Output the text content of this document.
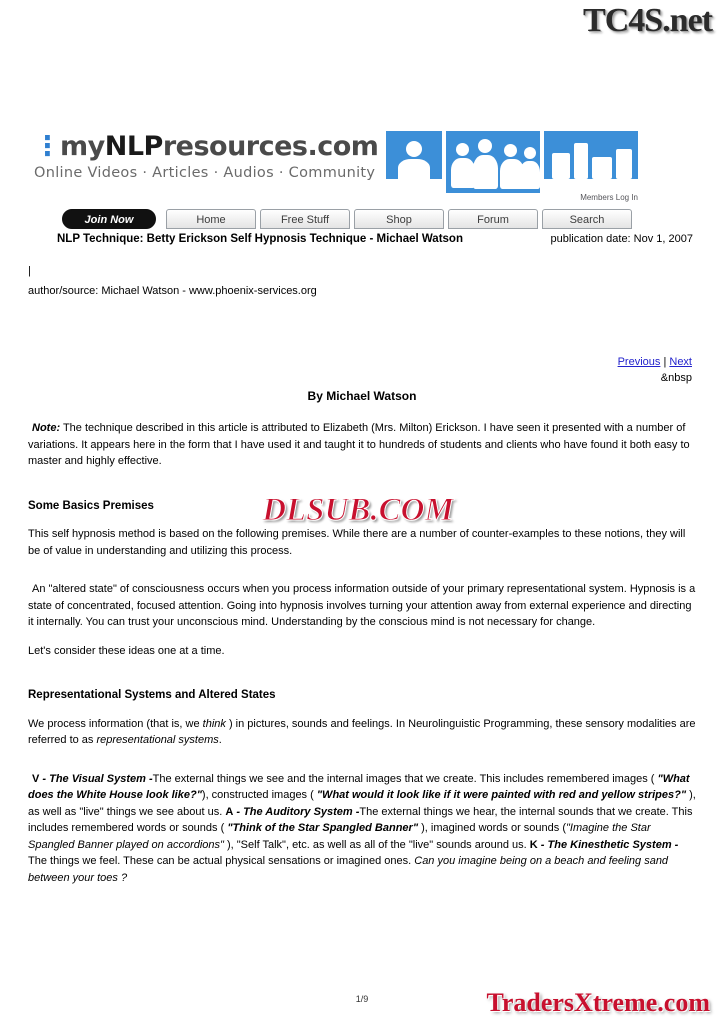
TC4S.net
⋮myNLPresources.com
Online Videos · Articles · Audios · Community
Members Log In
Join Now	Home	Free Stuff	Shop	Forum	Search
NLP Technique: Betty Erickson Self Hypnosis Technique - Michael Watson	publication date: Nov 1, 2007
|
author/source: Michael Watson - www.phoenix-services.org
Previous | Next
&nbsp
By Michael Watson

Note: The technique described in this article is attributed to Elizabeth (Mrs. Milton) Erickson. I have seen it presented with a number of variations. It appears here in the form that I have used it and taught it to hundreds of students and clients who have found it both easy to master and highly effective.

Some Basics Premises

This self hypnosis method is based on the following premises. While there are a number of counter-examples to these notions, they will be of value in understanding and utilizing this process.

An "altered state" of consciousness occurs when you process information outside of your primary representational system. Hypnosis is a state of concentrated, focused attention. Going into hypnosis involves turning your attention away from external experience and directing it internally. You can trust your unconscious mind. Understanding by the conscious mind is not necessary for change.

Let's consider these ideas one at a time.

Representational Systems and Altered States

We process information (that is, we think ) in pictures, sounds and feelings. In Neurolinguistic Programming, these sensory modalities are referred to as representational systems.

V - The Visual System -The external things we see and the internal images that we create. This includes remembered images ( "What does the White House look like?"), constructed images ( "What would it look like if it were painted with red and yellow stripes?" ), as well as "live" things we see about us. A - The Auditory System -The external things we hear, the internal sounds that we create. This includes remembered words or sounds ( "Think of the Star Spangled Banner" ), imagined words or sounds ("Imagine the Star Spangled Banner played on accordions" ), "Self Talk", etc. as well as all of the "live" sounds around us. K - The Kinesthetic System -The things we feel. These can be actual physical sensations or imagined ones. Can you imagine being on a beach and feeling sand between your toes ?

DLSUB.COM
1/9	TradersXtreme.com
